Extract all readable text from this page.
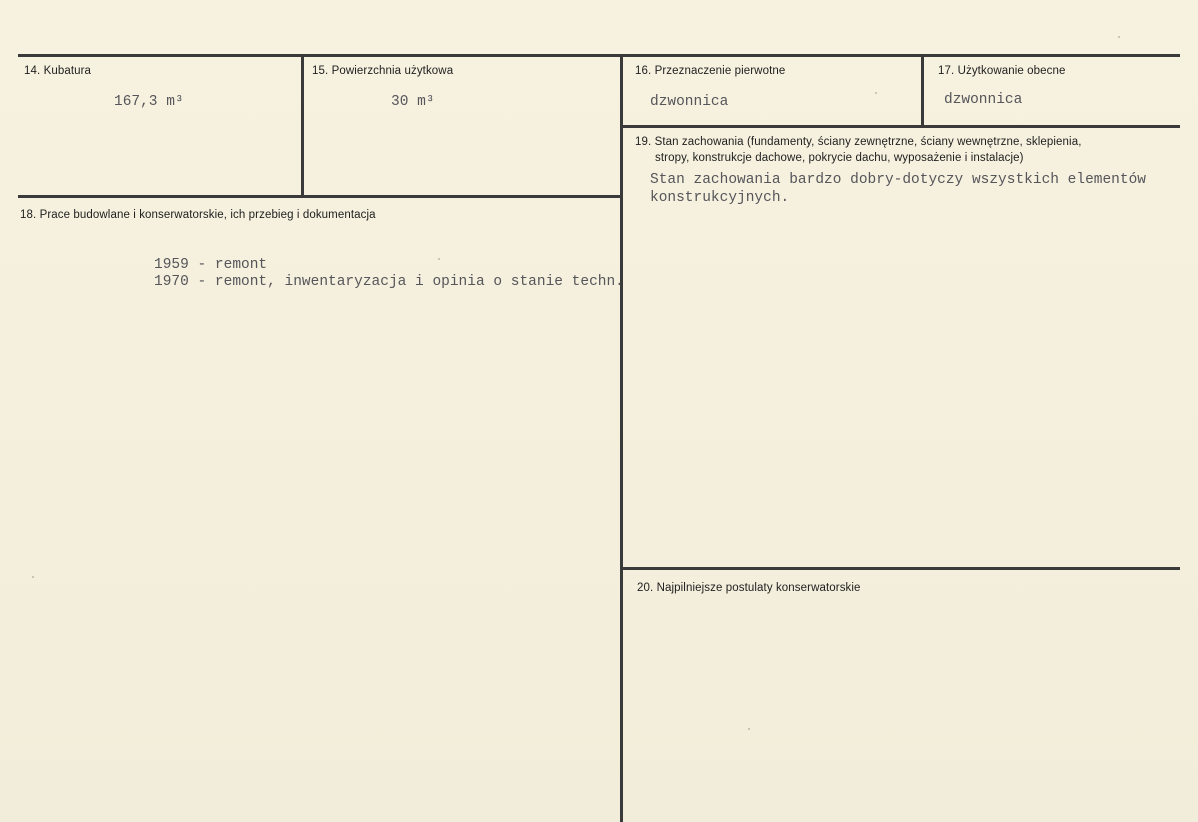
14. Kubatura
167,3 m³
15. Powierzchnia użytkowa
30 m³
16. Przeznaczenie pierwotne
dzwonnica
17. Użytkowanie obecne
dzwonnica
19. Stan zachowania (fundamenty, ściany zewnętrzne, ściany wewnętrzne, sklepienia,
stropy, konstrukcje dachowe, pokrycie dachu, wyposażenie i instalacje)
Stan zachowania bardzo dobry-dotyczy wszystkich elementów
konstrukcyjnych.
18. Prace budowlane i konserwatorskie, ich przebieg i dokumentacja
1959 - remont
1970 - remont, inwentaryzacja i opinia o stanie techn.
20. Najpilniejsze postulaty konserwatorskie
